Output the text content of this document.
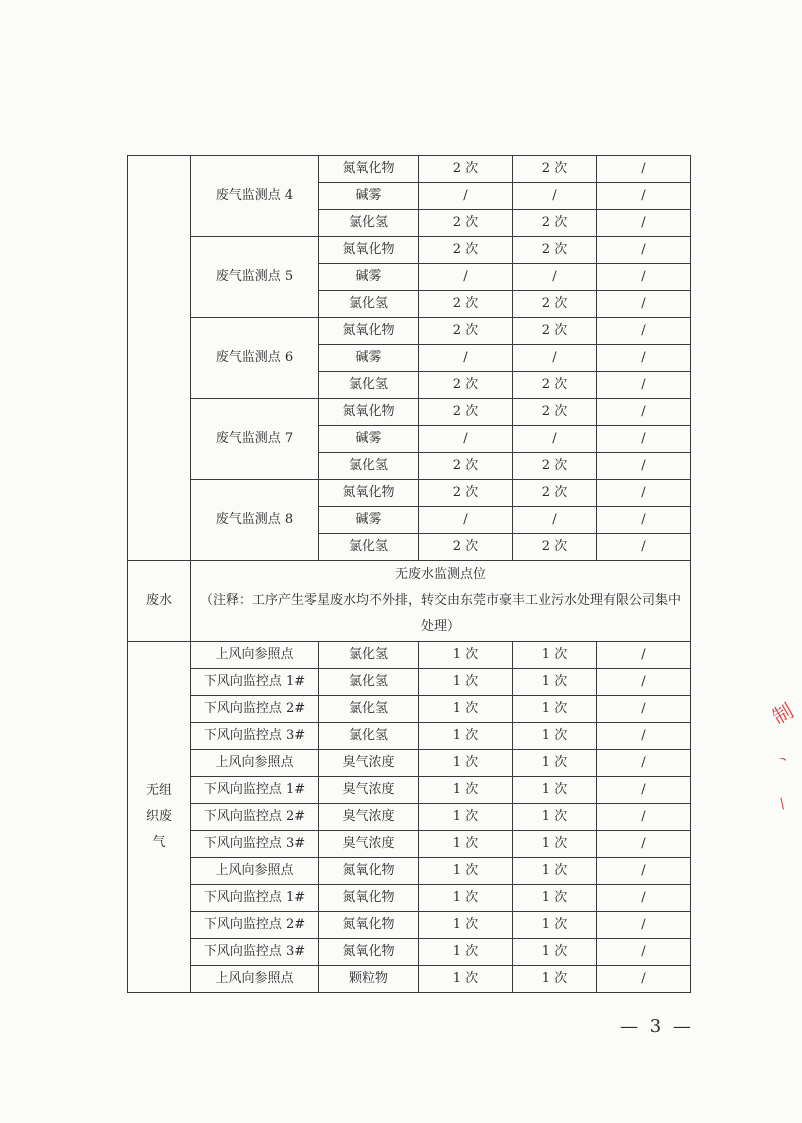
	废气监测点 4	氮氧化物	2 次	2 次	/
		碱雾	/	/	/
		氯化氢	2 次	2 次	/
	废气监测点 5	氮氧化物	2 次	2 次	/
		碱雾	/	/	/
		氯化氢	2 次	2 次	/
	废气监测点 6	氮氧化物	2 次	2 次	/
		碱雾	/	/	/
		氯化氢	2 次	2 次	/
	废气监测点 7	氮氧化物	2 次	2 次	/
		碱雾	/	/	/
		氯化氢	2 次	2 次	/
	废气监测点 8	氮氧化物	2 次	2 次	/
		碱雾	/	/	/
		氯化氢	2 次	2 次	/
废水	无废水监测点位
（注释：工序产生零星废水均不外排，转交由东莞市豪丰工业污水处理有限公司集中处理）				

无组织废气	上风向参照点	氯化氢	1 次	1 次	/
	下风向监控点 1#	氯化氢	1 次	1 次	/
	下风向监控点 2#	氯化氢	1 次	1 次	/
	下风向监控点 3#	氯化氢	1 次	1 次	/
	上风向参照点	臭气浓度	1 次	1 次	/
	下风向监控点 1#	臭气浓度	1 次	1 次	/
	下风向监控点 2#	臭气浓度	1 次	1 次	/
	下风向监控点 3#	臭气浓度	1 次	1 次	/
	上风向参照点	氮氧化物	1 次	1 次	/
	下风向监控点 1#	氮氧化物	1 次	1 次	/
	下风向监控点 2#	氮氧化物	1 次	1 次	/
	下风向监控点 3#	氮氧化物	1 次	1 次	/
	上风向参照点	颗粒物	1 次	1 次	/
— 3 —
制
丶
/
